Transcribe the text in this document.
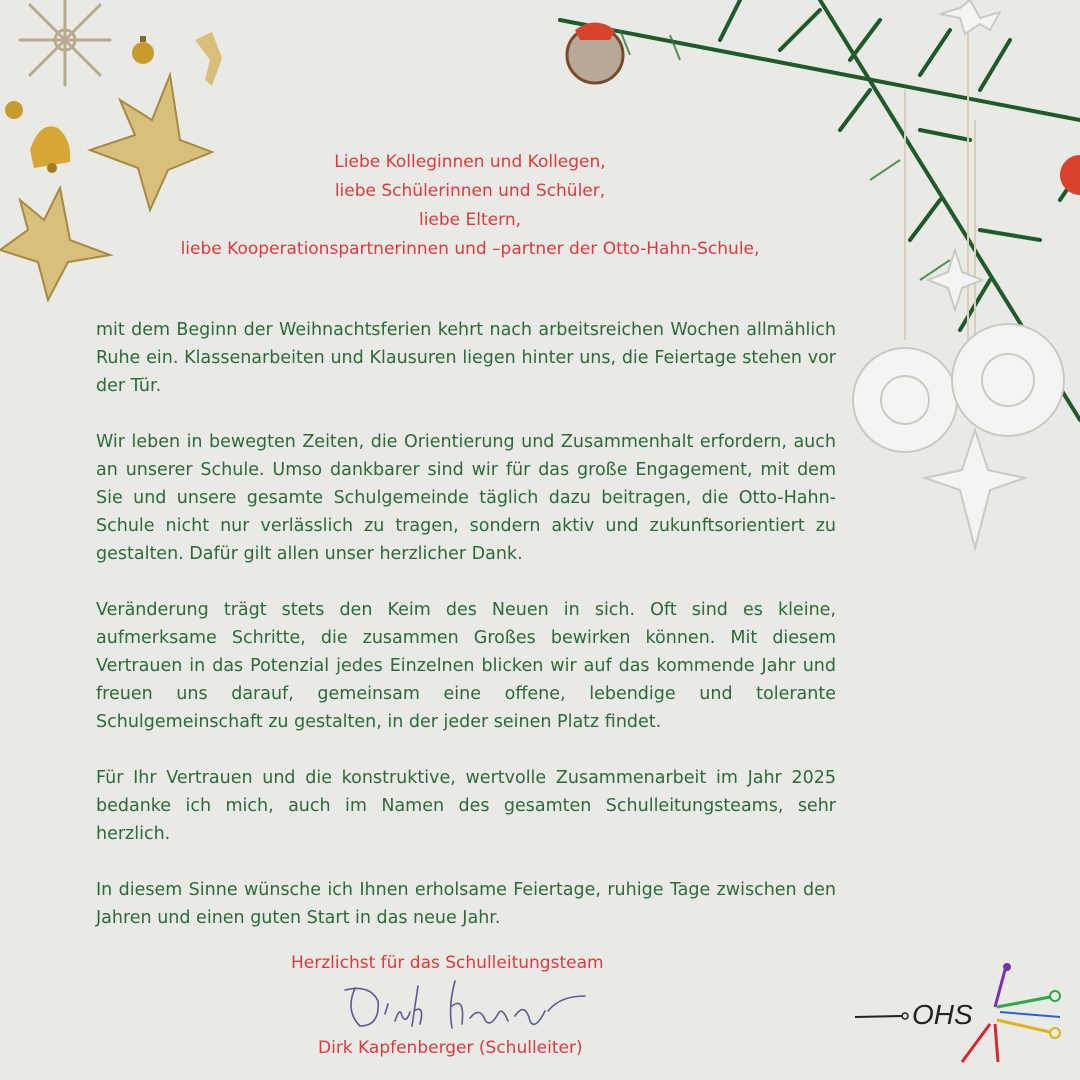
Liebe Kolleginnen und Kollegen,
liebe Schülerinnen und Schüler,
liebe Eltern,
liebe Kooperationspartnerinnen und –partner der Otto-Hahn-Schule,

mit dem Beginn der Weihnachtsferien kehrt nach arbeitsreichen Wochen allmählich Ruhe ein. Klassenarbeiten und Klausuren liegen hinter uns, die Feiertage stehen vor der Tür.

Wir leben in bewegten Zeiten, die Orientierung und Zusammenhalt erfordern, auch an unserer Schule. Umso dankbarer sind wir für das große Engagement, mit dem Sie und unsere gesamte Schulgemeinde täglich dazu beitragen, die Otto-Hahn-Schule nicht nur verlässlich zu tragen, sondern aktiv und zukunftsorientiert zu gestalten. Dafür gilt allen unser herzlicher Dank.

Veränderung trägt stets den Keim des Neuen in sich. Oft sind es kleine, aufmerksame Schritte, die zusammen Großes bewirken können. Mit diesem Vertrauen in das Potenzial jedes Einzelnen blicken wir auf das kommende Jahr und freuen uns darauf, gemeinsam eine offene, lebendige und tolerante Schulgemeinschaft zu gestalten, in der jeder seinen Platz findet.

Für Ihr Vertrauen und die konstruktive, wertvolle Zusammenarbeit im Jahr 2025 bedanke ich mich, auch im Namen des gesamten Schulleitungsteams, sehr herzlich.

In diesem Sinne wünsche ich Ihnen erholsame Feiertage, ruhige Tage zwischen den Jahren und einen guten Start in das neue Jahr.

Herzlichst für das Schulleitungsteam
Dirk Kapfenberger (Schulleiter)
OHS
